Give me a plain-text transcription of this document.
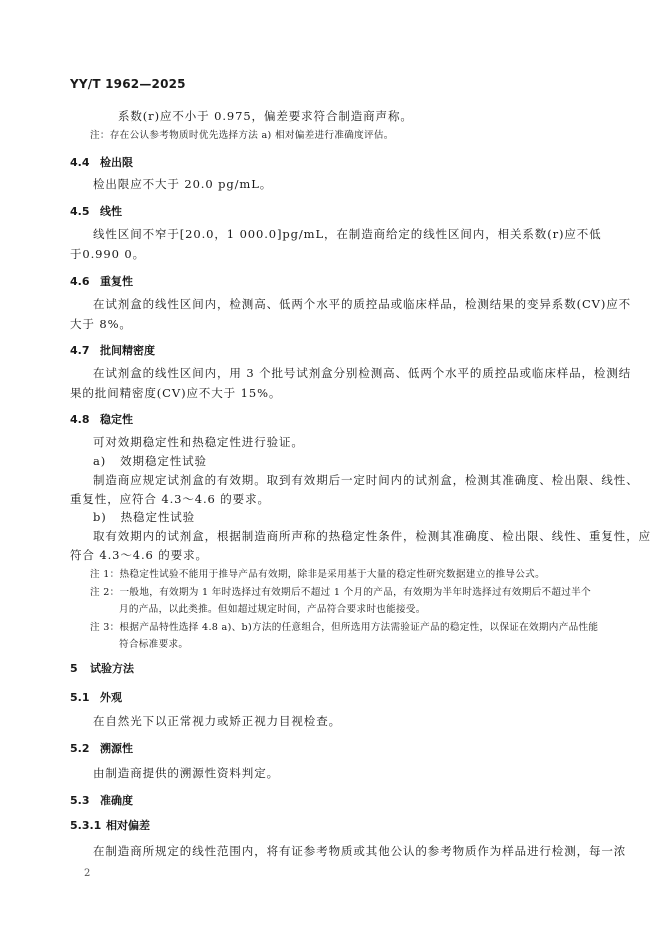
YY/T 1962—2025
系数(r)应不小于 0.975，偏差要求符合制造商声称。
注：存在公认参考物质时优先选择方法 a) 相对偏差进行准确度评估。
4.4 检出限
检出限应不大于 20.0 pg/mL。
4.5 线性
线性区间不窄于[20.0，1 000.0]pg/mL，在制造商给定的线性区间内，相关系数(r)应不低
于0.990 0。
4.6 重复性
在试剂盒的线性区间内，检测高、低两个水平的质控品或临床样品，检测结果的变异系数(CV)应不
大于 8%。
4.7 批间精密度
在试剂盒的线性区间内，用 3 个批号试剂盒分别检测高、低两个水平的质控品或临床样品，检测结
果的批间精密度(CV)应不大于 15%。
4.8 稳定性
可对效期稳定性和热稳定性进行验证。
a) 效期稳定性试验
制造商应规定试剂盒的有效期。取到有效期后一定时间内的试剂盒，检测其准确度、检出限、线性、
重复性，应符合 4.3～4.6 的要求。
b) 热稳定性试验
取有效期内的试剂盒，根据制造商所声称的热稳定性条件，检测其准确度、检出限、线性、重复性，应
符合 4.3～4.6 的要求。
注 1：热稳定性试验不能用于推导产品有效期，除非是采用基于大量的稳定性研究数据建立的推导公式。
注 2：一般地，有效期为 1 年时选择过有效期后不超过 1 个月的产品，有效期为半年时选择过有效期后不超过半个
月的产品，以此类推。但如超过规定时间，产品符合要求时也能接受。
注 3：根据产品特性选择 4.8 a)、b)方法的任意组合，但所选用方法需验证产品的稳定性，以保证在效期内产品性能
符合标准要求。
5 试验方法
5.1 外观
在自然光下以正常视力或矫正视力目视检查。
5.2 溯源性
由制造商提供的溯源性资料判定。
5.3 准确度
5.3.1 相对偏差
在制造商所规定的线性范围内，将有证参考物质或其他公认的参考物质作为样品进行检测，每一浓
2
